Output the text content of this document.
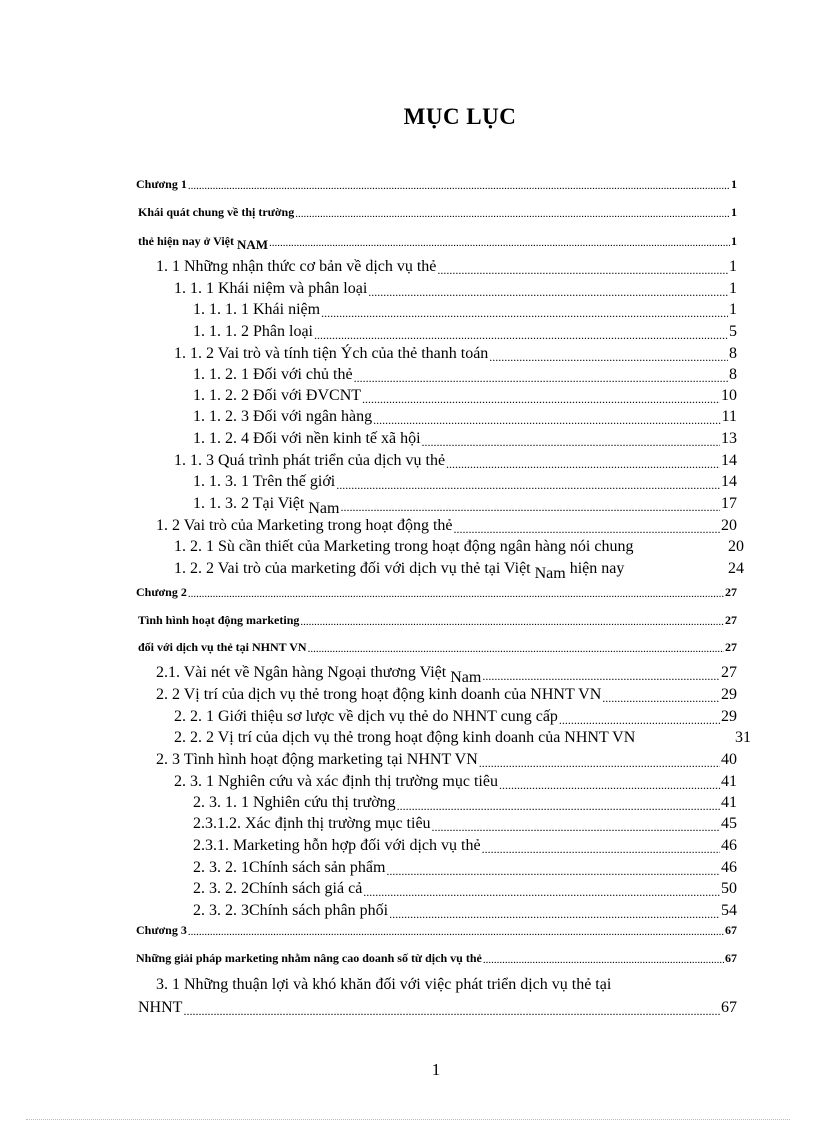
MỤC LỤC
Chương 1 .....	1
Khái quát chung về thị trường .....	1
thẻ hiện nay ở Việt NAM .....	1
1. 1 Những nhận thức cơ bản về dịch vụ thẻ .....	1
1. 1. 1 Khái niệm và phân loại .....	1
1. 1. 1. 1 Khái niệm .....	1
1. 1. 1. 2 Phân loại .....	5
1. 1. 2 Vai trò và tính tiện Ých của thẻ thanh toán .....	8
1. 1. 2. 1 Đối với chủ thẻ .....	8
1. 1. 2. 2 Đối với ĐVCNT .....	10
1. 1. 2. 3 Đối với ngân hàng .....	11
1. 1. 2. 4 Đối với nền kinh tế xã hội .....	13
1. 1. 3 Quá trình phát triển của dịch vụ thẻ .....	14
1. 1. 3. 1 Trên thế giới .....	14
1. 1. 3. 2 Tại Việt Nam .....	17
1. 2 Vai trò của Marketing trong hoạt động thẻ .....	20
1. 2. 1 Sù cần thiết của Marketing trong hoạt động ngân hàng nói chung	20
1. 2. 2 Vai trò của marketing đối với dịch vụ thẻ tại Việt Nam hiện nay	24
Chương 2 .....	27
Tình hình hoạt động marketing .....	27
đối với dịch vụ thẻ tại NHNT VN .....	27
2.1. Vài nét về Ngân hàng Ngoại thương Việt Nam .....	27
2. 2 Vị trí của dịch vụ thẻ trong hoạt động kinh doanh của NHNT VN .....	29
2. 2. 1 Giới thiệu sơ lược về dịch vụ thẻ do NHNT cung cấp .....	29
2. 2. 2 Vị trí của dịch vụ thẻ trong hoạt động kinh doanh của NHNT VN	31
2. 3 Tình hình hoạt động marketing tại NHNT VN .....	40
2. 3. 1 Nghiên cứu và xác định thị trường mục tiêu .....	41
2. 3. 1. 1 Nghiên cứu thị trường .....	41
2.3.1.2. Xác định thị trường mục tiêu .....	45
2.3.1. Marketing hỗn hợp đối với dịch vụ thẻ .....	46
2. 3. 2. 1Chính sách sản phẩm .....	46
2. 3. 2. 2Chính sách giá cả .....	50
2. 3. 2. 3Chính sách phân phối .....	54
Chương 3 .....	67
Những giải pháp marketing nhằm nâng cao doanh số từ dịch vụ thẻ .....	67
3. 1 Những thuận lợi và khó khăn đối với việc phát triển dịch vụ thẻ tại
NHNT .....	67
1
